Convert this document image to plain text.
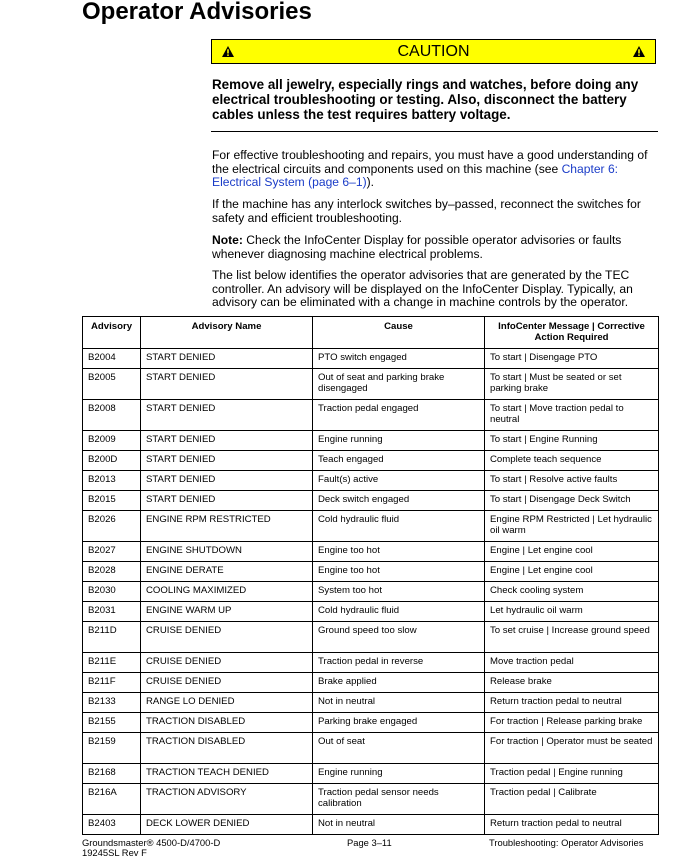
Operator Advisories
CAUTION

Remove all jewelry, especially rings and watches, before doing any electrical troubleshooting or testing. Also, disconnect the battery cables unless the test requires battery voltage.

For effective troubleshooting and repairs, you must have a good understanding of the electrical circuits and components used on this machine (see Chapter 6: Electrical System (page 6–1)).

If the machine has any interlock switches by–passed, reconnect the switches for safety and efficient troubleshooting.

Note: Check the InfoCenter Display for possible operator advisories or faults whenever diagnosing machine electrical problems.

The list below identifies the operator advisories that are generated by the TEC controller. An advisory will be displayed on the InfoCenter Display. Typically, an advisory can be eliminated with a change in machine controls by the operator.

Advisory	Advisory Name	Cause	InfoCenter Message | Corrective Action Required
B2004	START DENIED	PTO switch engaged	To start | Disengage PTO
B2005	START DENIED	Out of seat and parking brake disengaged	To start | Must be seated or set parking brake
B2008	START DENIED	Traction pedal engaged	To start | Move traction pedal to neutral
B2009	START DENIED	Engine running	To start | Engine Running
B200D	START DENIED	Teach engaged	Complete teach sequence
B2013	START DENIED	Fault(s) active	To start | Resolve active faults
B2015	START DENIED	Deck switch engaged	To start | Disengage Deck Switch
B2026	ENGINE RPM RESTRICTED	Cold hydraulic fluid	Engine RPM Restricted | Let hydraulic oil warm
B2027	ENGINE SHUTDOWN	Engine too hot	Engine | Let engine cool
B2028	ENGINE DERATE	Engine too hot	Engine | Let engine cool
B2030	COOLING MAXIMIZED	System too hot	Check cooling system
B2031	ENGINE WARM UP	Cold hydraulic fluid	Let hydraulic oil warm
B211D	CRUISE DENIED	Ground speed too slow	To set cruise | Increase ground speed
B211E	CRUISE DENIED	Traction pedal in reverse	Move traction pedal
B211F	CRUISE DENIED	Brake applied	Release brake
B2133	RANGE LO DENIED	Not in neutral	Return traction pedal to neutral
B2155	TRACTION DISABLED	Parking brake engaged	For traction | Release parking brake
B2159	TRACTION DISABLED	Out of seat	For traction | Operator must be seated
B2168	TRACTION TEACH DENIED	Engine running	Traction pedal | Engine running
B216A	TRACTION ADVISORY	Traction pedal sensor needs calibration	Traction pedal | Calibrate
B2403	DECK LOWER DENIED	Not in neutral	Return traction pedal to neutral

Groundsmaster® 4500-D/4700-D
19245SL Rev F

Page 3–11	Troubleshooting: Operator Advisories
